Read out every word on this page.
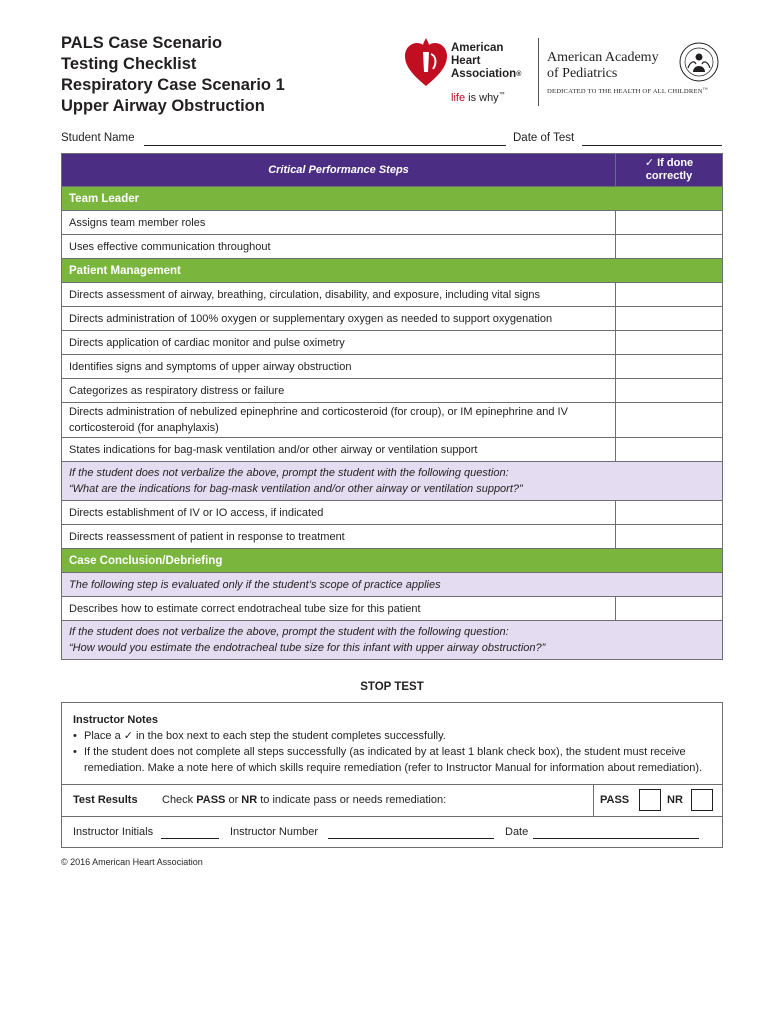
PALS Case Scenario
Testing Checklist
Respiratory Case Scenario 1
Upper Airway Obstruction
American
Heart
Association®
life is why™
American Academy
of Pediatrics
DEDICATED TO THE HEALTH OF ALL CHILDREN™
Student Name	Date of Test
Critical Performance Steps	✓ If done
correctly

Team Leader	
Assigns team member roles	
Uses effective communication throughout	
Patient Management	
Directs assessment of airway, breathing, circulation, disability, and exposure, including vital signs	
Directs administration of 100% oxygen or supplementary oxygen as needed to support oxygenation	
Directs application of cardiac monitor and pulse oximetry	
Identifies signs and symptoms of upper airway obstruction	
Categorizes as respiratory distress or failure	
Directs administration of nebulized epinephrine and corticosteroid (for croup), or IM epinephrine and IV corticosteroid (for anaphylaxis)	
States indications for bag-mask ventilation and/or other airway or ventilation support	

If the student does not verbalize the above, prompt the student with the following question:
“What are the indications for bag-mask ventilation and/or other airway or ventilation support?”	

Directs establishment of IV or IO access, if indicated	
Directs reassessment of patient in response to treatment	
Case Conclusion/Debriefing	
The following step is evaluated only if the student’s scope of practice applies	
Describes how to estimate correct endotracheal tube size for this patient	

If the student does not verbalize the above, prompt the student with the following question:
“How would you estimate the endotracheal tube size for this infant with upper airway obstruction?”	
STOP TEST
Instructor Notes
• Place a ✓ in the box next to each step the student completes successfully.
• If the student does not complete all steps successfully (as indicated by at least 1 blank check box), the student must receive remediation. Make a note here of which skills require remediation (refer to Instructor Manual for information about remediation).
Test Results Check PASS or NR to indicate pass or needs remediation:	PASS	NR
Instructor Initials	Instructor Number	Date
© 2016 American Heart Association
